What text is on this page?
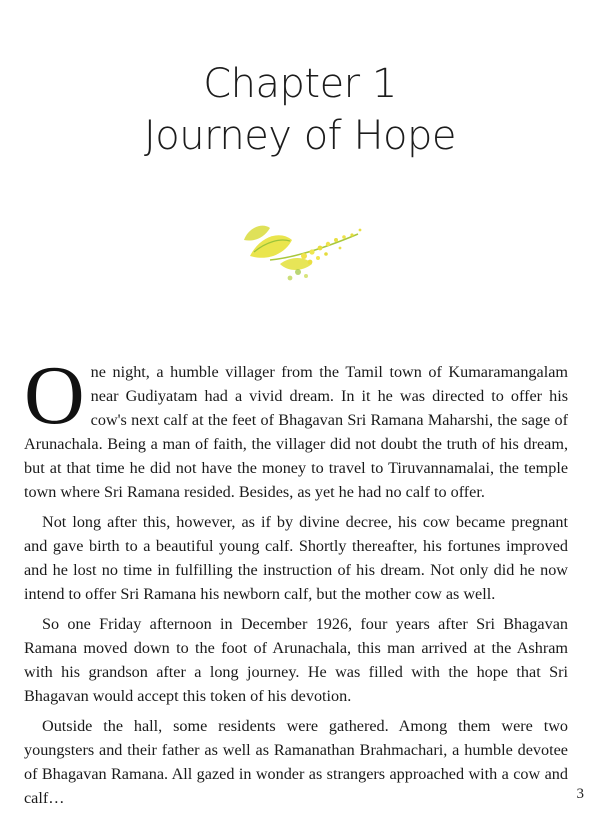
Chapter 1
Journey of Hope

One night, a humble villager from the Tamil town of Kumaramangalam near Gudiyatam had a vivid dream. In it he was directed to offer his cow's next calf at the feet of Bhagavan Sri Ramana Maharshi, the sage of Arunachala. Being a man of faith, the villager did not doubt the truth of his dream, but at that time he did not have the money to travel to Tiruvannamalai, the temple town where Sri Ramana resided. Besides, as yet he had no calf to offer.

Not long after this, however, as if by divine decree, his cow became pregnant and gave birth to a beautiful young calf. Shortly thereafter, his fortunes improved and he lost no time in fulfilling the instruction of his dream. Not only did he now intend to offer Sri Ramana his newborn calf, but the mother cow as well.

So one Friday afternoon in December 1926, four years after Sri Bhagavan Ramana moved down to the foot of Arunachala, this man arrived at the Ashram with his grandson after a long journey. He was filled with the hope that Sri Bhagavan would accept this token of his devotion.

Outside the hall, some residents were gathered. Among them were two youngsters and their father as well as Ramanathan Brahmachari, a humble devotee of Bhagavan Ramana. All gazed in wonder as strangers approached with a cow and calf…	3
